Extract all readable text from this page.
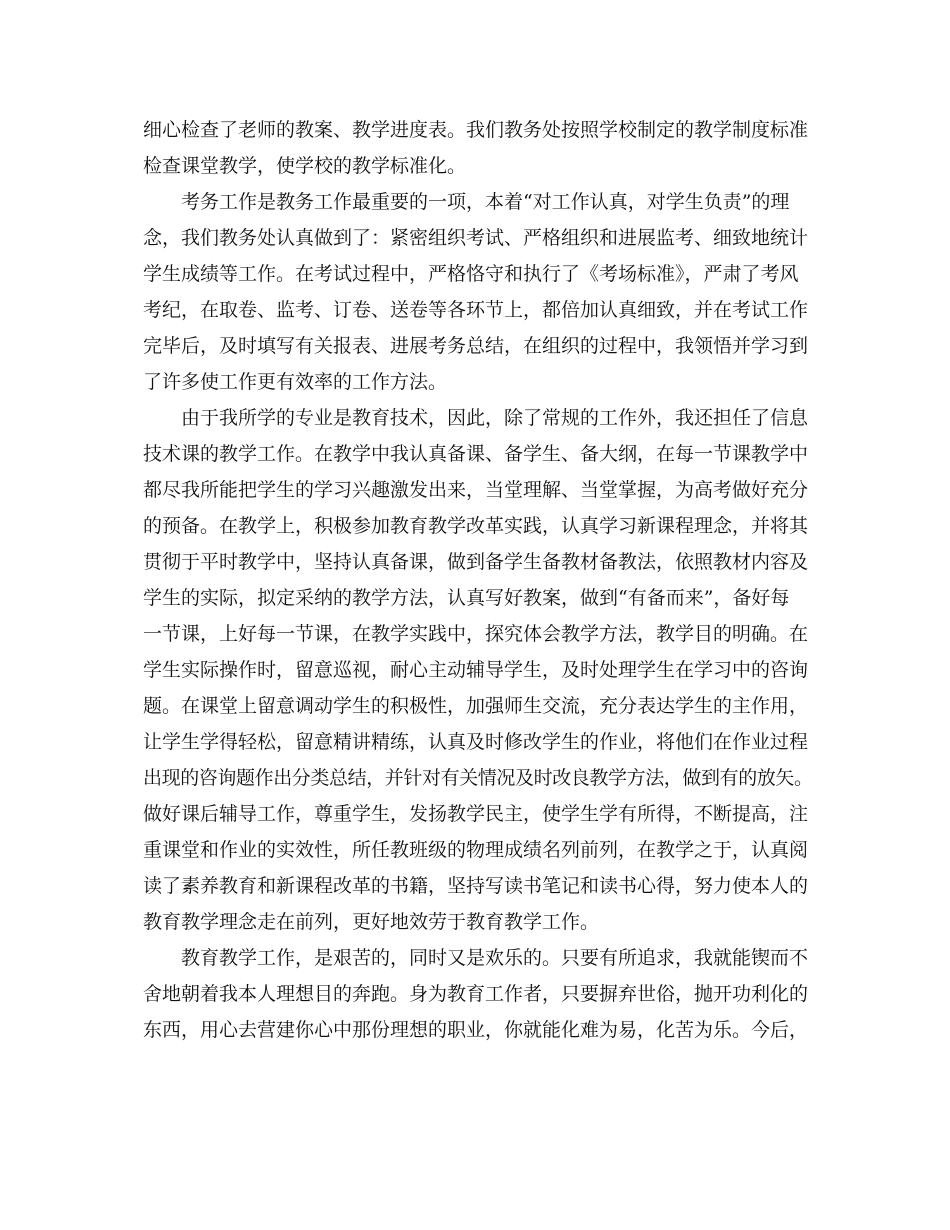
细心检查了老师的教案、教学进度表。我们教务处按照学校制定的教学制度标准
检查课堂教学，使学校的教学标准化。
考务工作是教务工作最重要的一项，本着“对工作认真，对学生负责”的理
念，我们教务处认真做到了：紧密组织考试、严格组织和进展监考、细致地统计
学生成绩等工作。在考试过程中，严格恪守和执行了《考场标准》，严肃了考风
考纪，在取卷、监考、订卷、送卷等各环节上，都倍加认真细致，并在考试工作
完毕后，及时填写有关报表、进展考务总结，在组织的过程中，我领悟并学习到
了许多使工作更有效率的工作方法。
由于我所学的专业是教育技术，因此，除了常规的工作外，我还担任了信息
技术课的教学工作。在教学中我认真备课、备学生、备大纲，在每一节课教学中
都尽我所能把学生的学习兴趣激发出来，当堂理解、当堂掌握，为高考做好充分
的预备。在教学上，积极参加教育教学改革实践，认真学习新课程理念，并将其
贯彻于平时教学中，坚持认真备课，做到备学生备教材备教法，依照教材内容及
学生的实际，拟定采纳的教学方法，认真写好教案，做到“有备而来”，备好每
一节课，上好每一节课，在教学实践中，探究体会教学方法，教学目的明确。在
学生实际操作时，留意巡视，耐心主动辅导学生，及时处理学生在学习中的咨询
题。在课堂上留意调动学生的积极性，加强师生交流，充分表达学生的主作用，
让学生学得轻松，留意精讲精练，认真及时修改学生的作业，将他们在作业过程
出现的咨询题作出分类总结，并针对有关情况及时改良教学方法，做到有的放矢。
做好课后辅导工作，尊重学生，发扬教学民主，使学生学有所得，不断提高，注
重课堂和作业的实效性，所任教班级的物理成绩名列前列，在教学之于，认真阅
读了素养教育和新课程改革的书籍，坚持写读书笔记和读书心得，努力使本人的
教育教学理念走在前列，更好地效劳于教育教学工作。
教育教学工作，是艰苦的，同时又是欢乐的。只要有所追求，我就能锲而不
舍地朝着我本人理想目的奔跑。身为教育工作者，只要摒弃世俗，抛开功利化的
东西，用心去营建你心中那份理想的职业，你就能化难为易，化苦为乐。今后，
